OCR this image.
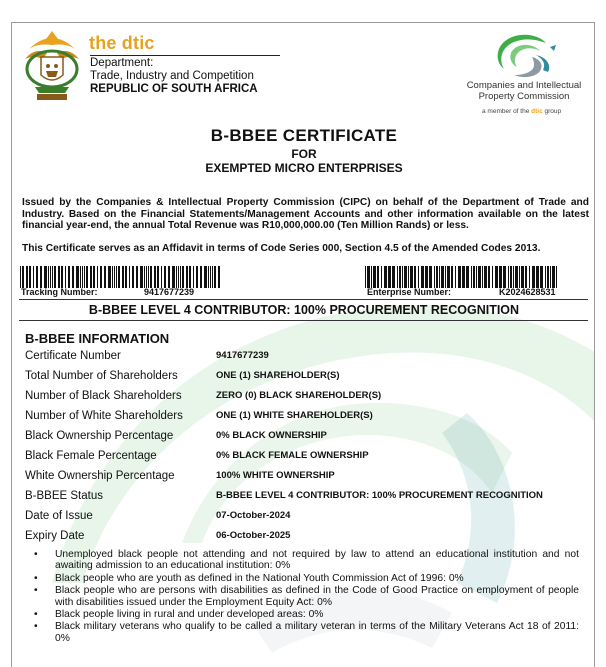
the dtic
Department:
Trade, Industry and Competition
REPUBLIC OF SOUTH AFRICA	Companies and Intellectual
Property Commission
a member of the dtic group
B-BBEE CERTIFICATE
FOR
EXEMPTED MICRO ENTERPRISES
Issued by the Companies & Intellectual Property Commission (CIPC) on behalf of the Department of Trade and Industry. Based on the Financial Statements/Management Accounts and other information available on the latest financial year-end, the annual Total Revenue was R10,000,000.00 (Ten Million Rands) or less.
This Certificate serves as an Affidavit in terms of Code Series 000, Section 4.5 of the Amended Codes 2013.
Tracking Number:	9417677239	Enterprise Number:	K2024628531
B-BBEE LEVEL 4 CONTRIBUTOR: 100% PROCUREMENT RECOGNITION
B-BBEE INFORMATION
Certificate Number	9417677239
Total Number of Shareholders	ONE (1) SHAREHOLDER(S)
Number of Black Shareholders	ZERO (0) BLACK SHAREHOLDER(S)
Number of White Shareholders	ONE (1) WHITE SHAREHOLDER(S)
Black Ownership Percentage	0% BLACK OWNERSHIP
Black Female Percentage	0% BLACK FEMALE OWNERSHIP
White Ownership Percentage	100% WHITE OWNERSHIP
B-BBEE Status	B-BBEE LEVEL 4 CONTRIBUTOR: 100% PROCUREMENT RECOGNITION
Date of Issue	07-October-2024
Expiry Date	06-October-2025
• Unemployed black people not attending and not required by law to attend an educational institution and not awaiting admission to an educational institution: 0%
• Black people who are youth as defined in the National Youth Commission Act of 1996: 0%
• Black people who are persons with disabilities as defined in the Code of Good Practice on employment of people with disabilities issued under the Employment Equity Act: 0%
• Black people living in rural and under developed areas: 0%
• Black military veterans who qualify to be called a military veteran in terms of the Military Veterans Act 18 of 2011: 0%
